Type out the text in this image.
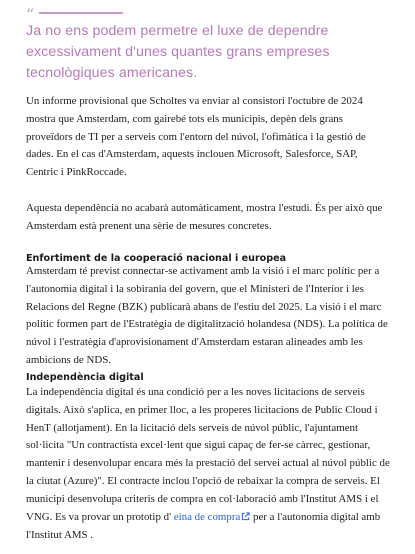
“

Ja no ens podem permetre el luxe de dependre excessivament d'unes quantes grans empreses tecnològiques americanes.

Un informe provisional que Scholtes va enviar al consistori l'octubre de 2024 mostra que Amsterdam, com gairebé tots els municipis, depèn dels grans proveïdors de TI per a serveis com l'entorn del núvol, l'ofimàtica i la gestió de dades. En el cas d'Amsterdam, aquests inclouen Microsoft, Salesforce, SAP, Centric i PinkRoccade.

Aquesta dependència no acabarà automàticament, mostra l'estudi. És per això que Amsterdam està prenent una sèrie de mesures concretes.

Enfortiment de la cooperació nacional i europea

Amsterdam té previst connectar-se activament amb la visió i el marc polític per a l'autonomia digital i la sobirania del govern, que el Ministeri de l'Interior i les Relacions del Regne (BZK) publicarà abans de l'estiu del 2025. La visió i el marc polític formen part de l'Estratègia de digitalització holandesa (NDS). La política de núvol i l'estratègia d'aprovisionament d'Amsterdam estaran alineades amb les ambicions de NDS.

Independència digital

La independència digital és una condició per a les noves licitacions de serveis digitals. Això s'aplica, en primer lloc, a les properes licitacions de Public Cloud i HenT (allotjament). En la licitació dels serveis de núvol públic, l'ajuntament sol·licita "Un contractista excel·lent que sigui capaç de fer-se càrrec, gestionar, mantenir i desenvolupar encara més la prestació del servei actual al núvol públic de la ciutat (Azure)". El contracte inclou l'opció de rebaixar la compra de serveis. El municipi desenvolupa criteris de compra en col·laboració amb l'Institut AMS i el VNG. Es va provar un prototip d' eina de compra per a l'autonomia digital amb l'Institut AMS .
